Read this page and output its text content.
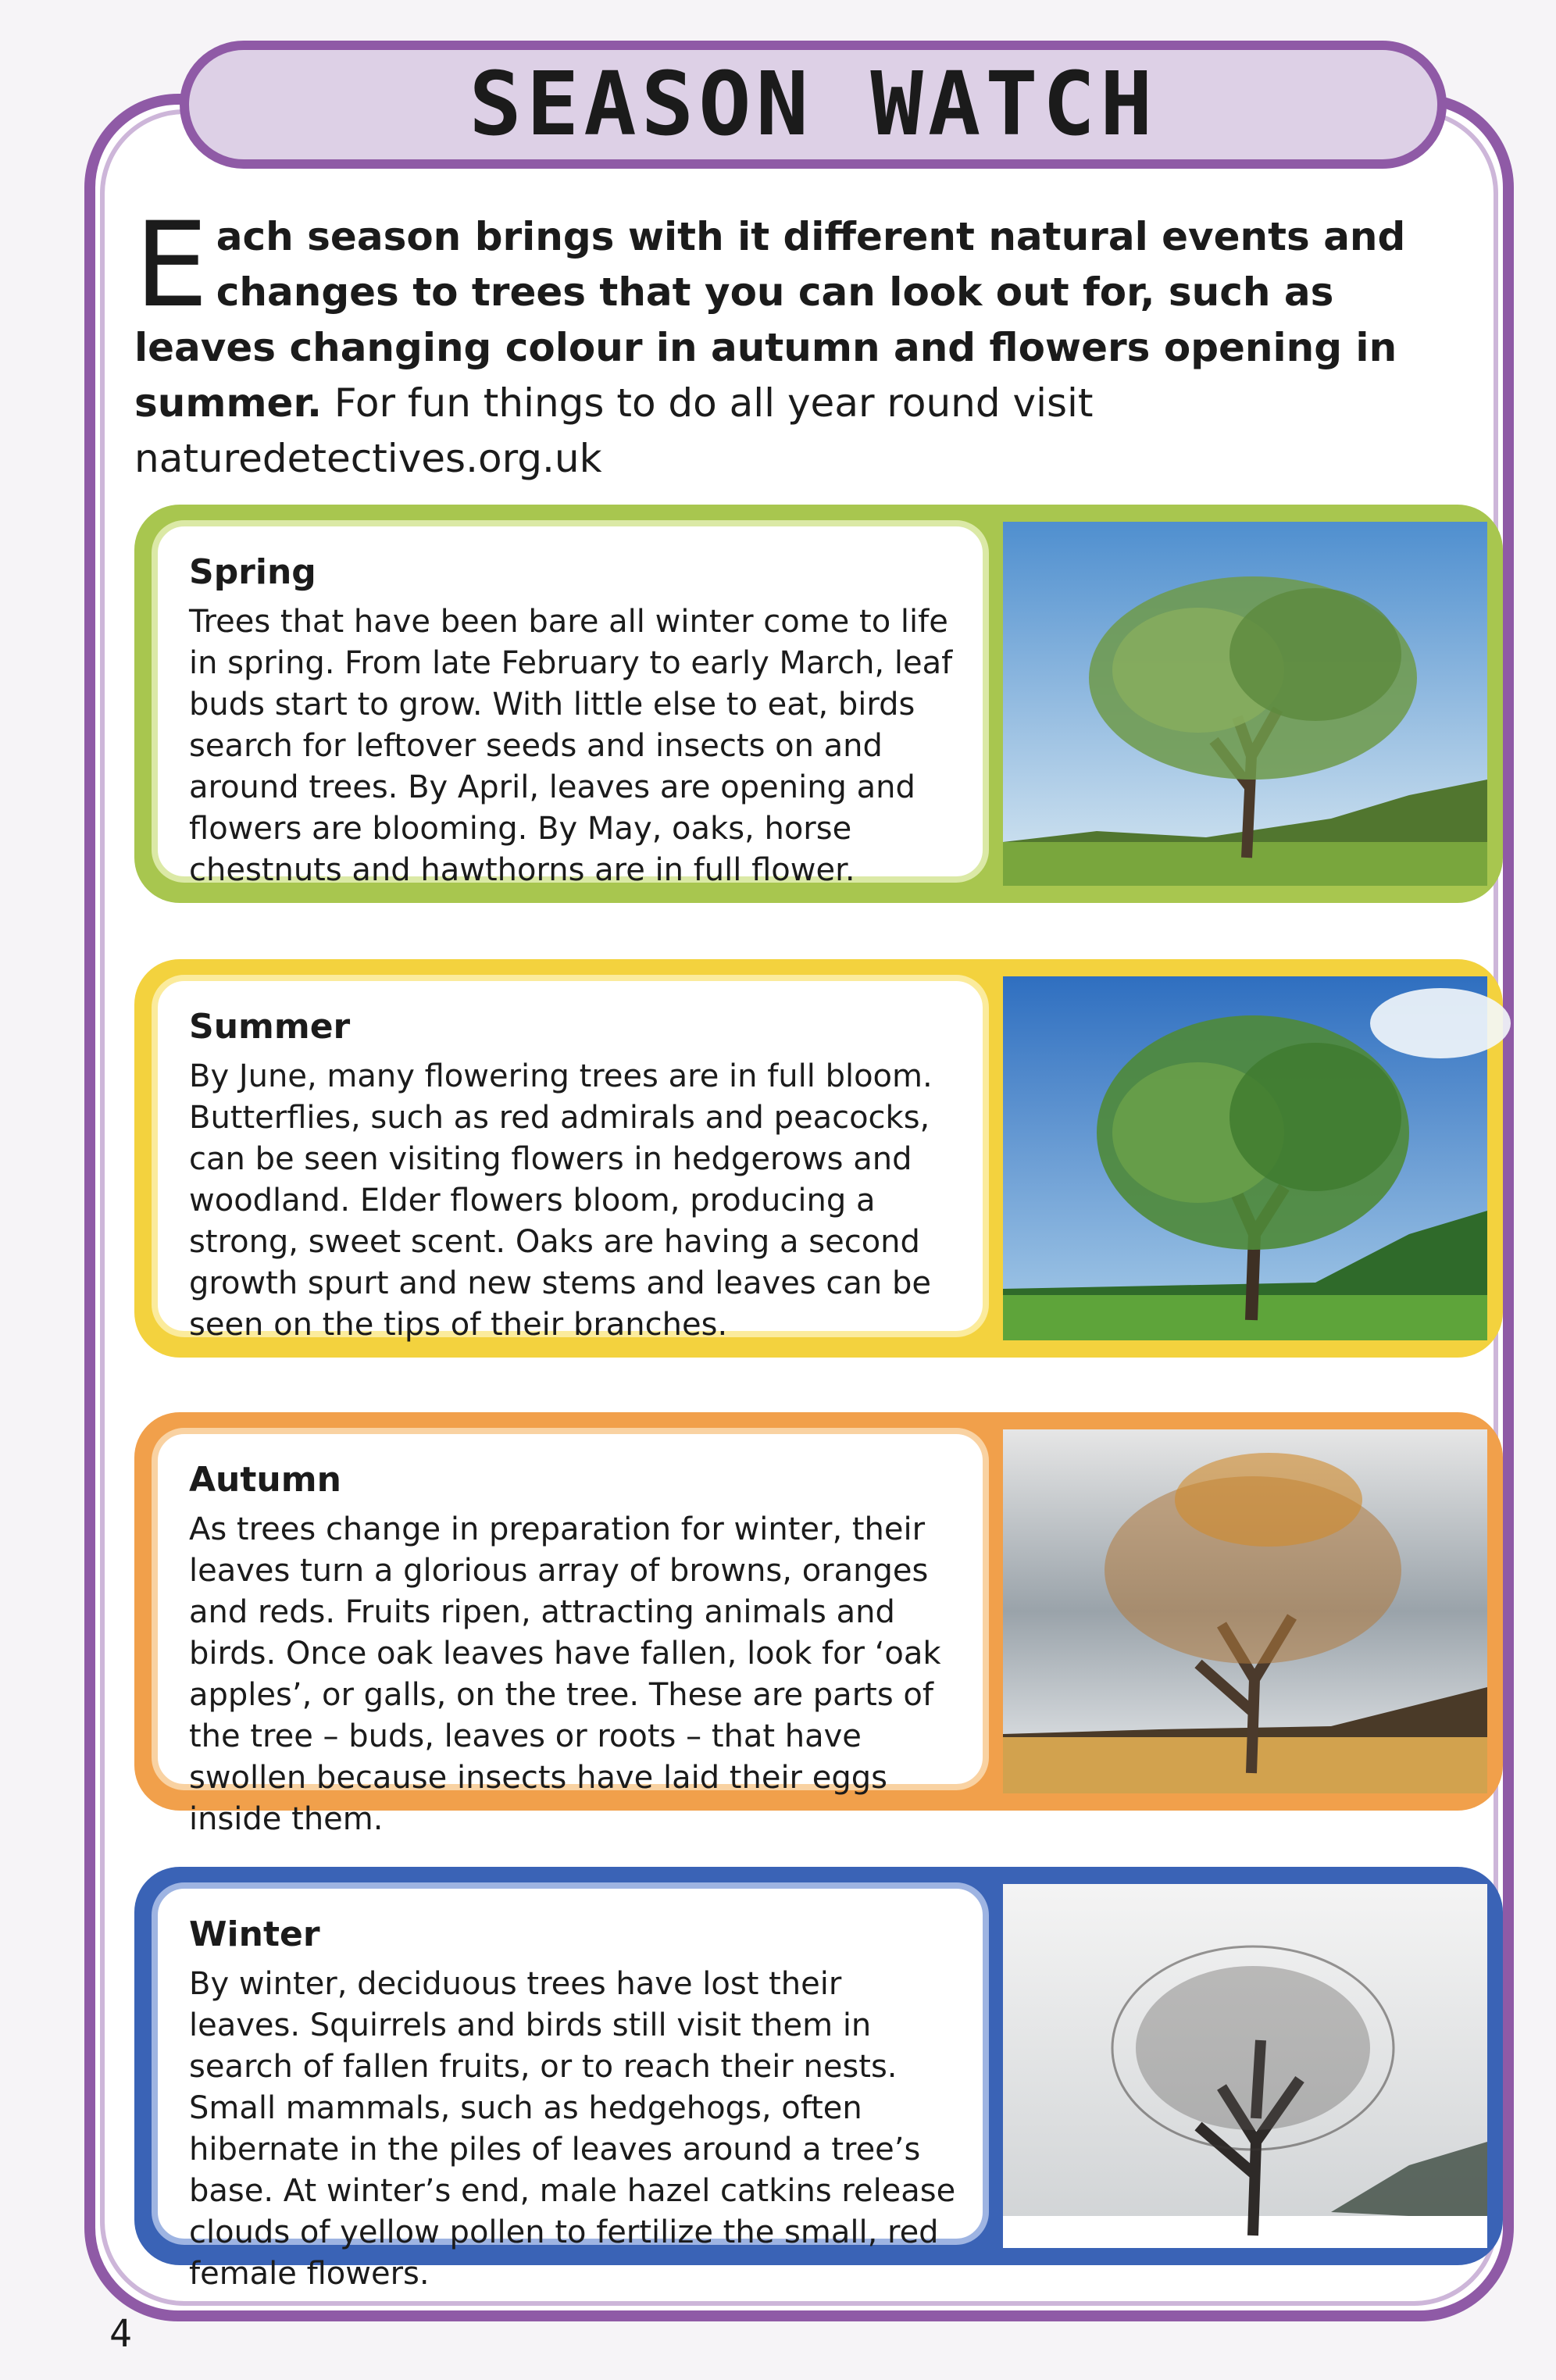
SEASON WATCH
Each season brings with it different natural events and changes to trees that you can look out for, such as leaves changing colour in autumn and flowers opening in summer. For fun things to do all year round visit naturedetectives.org.uk
Spring
Trees that have been bare all winter come to life in spring. From late February to early March, leaf buds start to grow. With little else to eat, birds search for leftover seeds and insects on and around trees. By April, leaves are opening and flowers are blooming. By May, oaks, horse chestnuts and hawthorns are in full flower.
Summer
By June, many flowering trees are in full bloom. Butterflies, such as red admirals and peacocks, can be seen visiting flowers in hedgerows and woodland. Elder flowers bloom, producing a strong, sweet scent. Oaks are having a second growth spurt and new stems and leaves can be seen on the tips of their branches.
Autumn
As trees change in preparation for winter, their leaves turn a glorious array of browns, oranges and reds. Fruits ripen, attracting animals and birds. Once oak leaves have fallen, look for ‘oak apples’, or galls, on the tree. These are parts of the tree – buds, leaves or roots – that have swollen because insects have laid their eggs inside them.
Winter
By winter, deciduous trees have lost their leaves. Squirrels and birds still visit them in search of fallen fruits, or to reach their nests. Small mammals, such as hedgehogs, often hibernate in the piles of leaves around a tree’s base. At winter’s end, male hazel catkins release clouds of yellow pollen to fertilize the small, red female flowers.
4
